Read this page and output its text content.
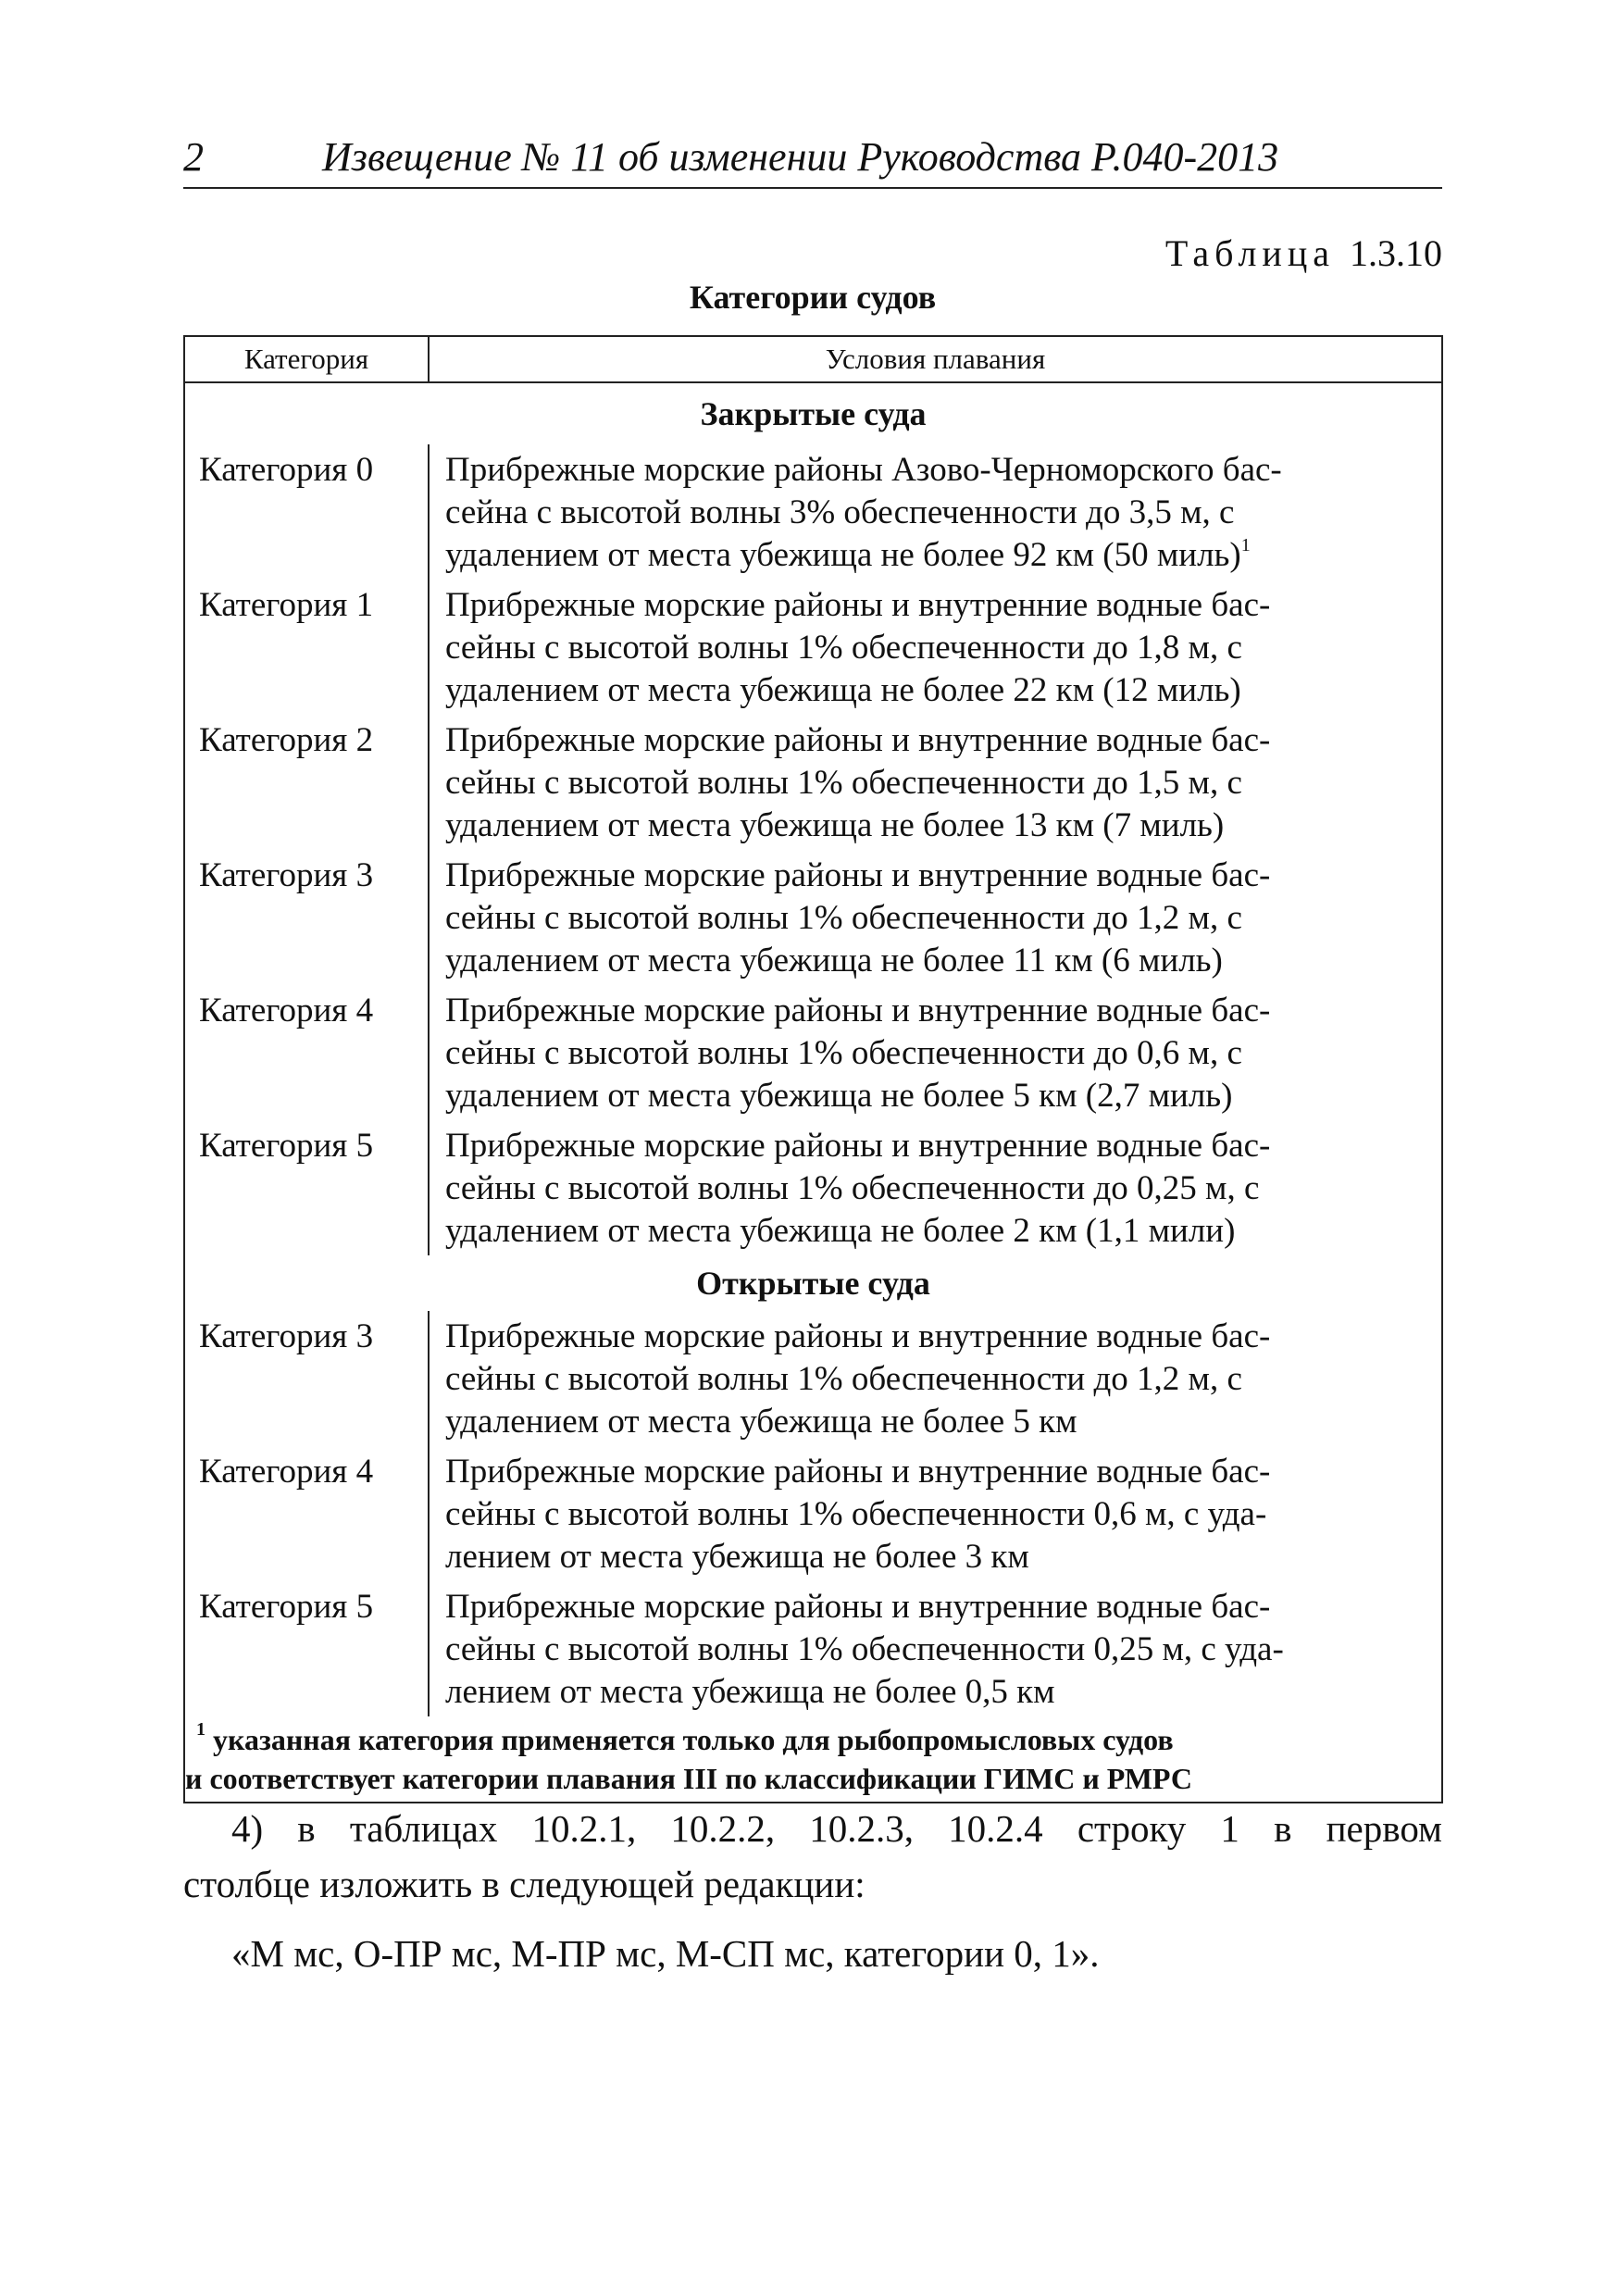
2	Извещение № 11 об изменении Руководства Р.040-2013
Таблица 1.3.10
Категории судов
Категория	Условия плавания
Закрытые суда	
Категория 0	Прибрежные морские районы Азово-Черноморского бас-
сейна с высотой волны 3% обеспеченности до 3,5 м, с
удалением от места убежища не более 92 км (50 миль)$^1$

Категория 1	Прибрежные морские районы и внутренние водные бас-
сейны с высотой волны 1% обеспеченности до 1,8 м, с
удалением от места убежища не более 22 км (12 миль)

Категория 2	Прибрежные морские районы и внутренние водные бас-
сейны с высотой волны 1% обеспеченности до 1,5 м, с
удалением от места убежища не более 13 км (7 миль)

Категория 3	Прибрежные морские районы и внутренние водные бас-
сейны с высотой волны 1% обеспеченности до 1,2 м, с
удалением от места убежища не более 11 км (6 миль)

Категория 4	Прибрежные морские районы и внутренние водные бас-
сейны с высотой волны 1% обеспеченности до 0,6 м, с
удалением от места убежища не более 5 км (2,7 миль)

Категория 5	Прибрежные морские районы и внутренние водные бас-
сейны с высотой волны 1% обеспеченности до 0,25 м, с
удалением от места убежища не более 2 км (1,1 мили)

Открытые суда	
Категория 3	Прибрежные морские районы и внутренние водные бас-
сейны с высотой волны 1% обеспеченности до 1,2 м, с
удалением от места убежища не более 5 км

Категория 4	Прибрежные морские районы и внутренние водные бас-
сейны с высотой волны 1% обеспеченности 0,6 м, с уда-
лением от места убежища не более 3 км

Категория 5	Прибрежные морские районы и внутренние водные бас-
сейны с высотой волны 1% обеспеченности 0,25 м, с уда-
лением от места убежища не более 0,5 км

$^1$ указанная категория применяется только для рыбопромысловых судов
и соответствует категории плавания III по классификации ГИМС и РМРС	
4) в таблицах 10.2.1, 10.2.2, 10.2.3, 10.2.4 строку 1 в первом
столбце изложить в следующей редакции:
«М мс, О-ПР мс, М-ПР мс, М-СП мс, категории 0, 1».
